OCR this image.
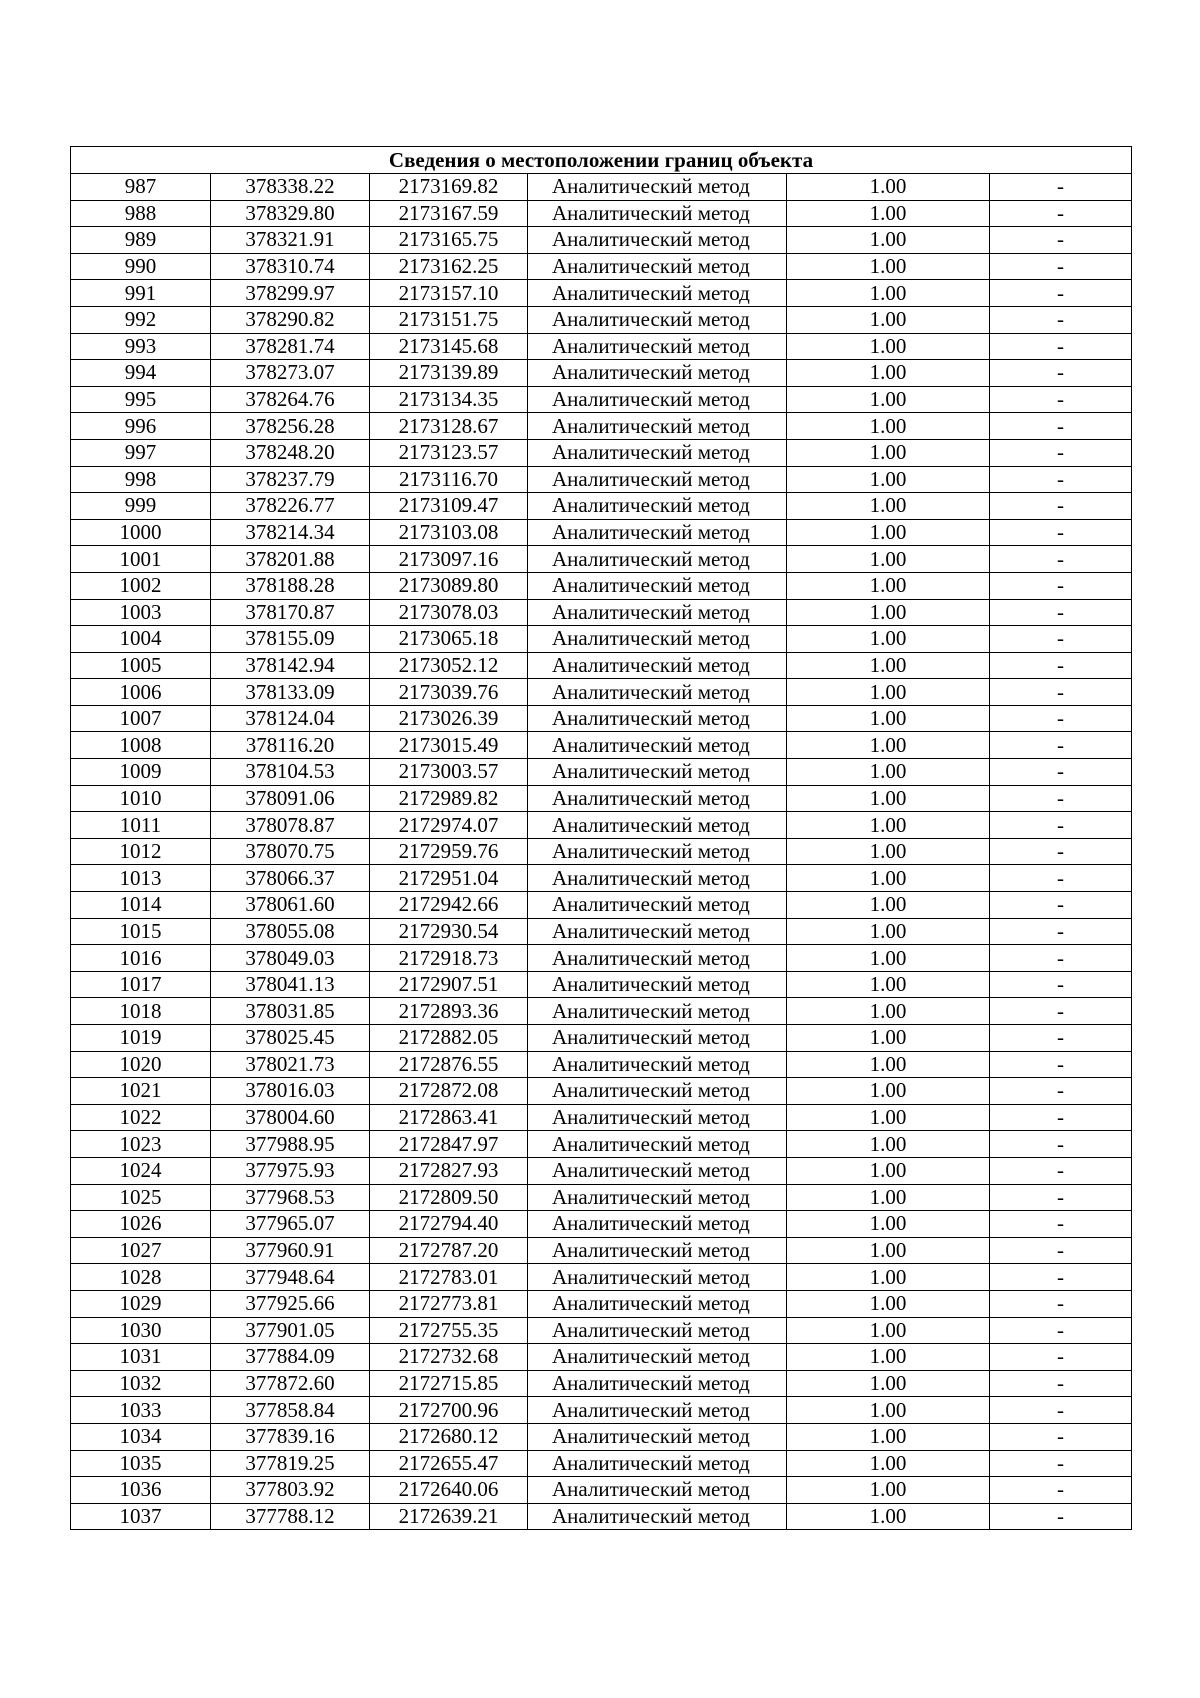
Сведения о местоположении границ объекта					
987	378338.22	2173169.82	Аналитический метод	1.00	-
988	378329.80	2173167.59	Аналитический метод	1.00	-
989	378321.91	2173165.75	Аналитический метод	1.00	-
990	378310.74	2173162.25	Аналитический метод	1.00	-
991	378299.97	2173157.10	Аналитический метод	1.00	-
992	378290.82	2173151.75	Аналитический метод	1.00	-
993	378281.74	2173145.68	Аналитический метод	1.00	-
994	378273.07	2173139.89	Аналитический метод	1.00	-
995	378264.76	2173134.35	Аналитический метод	1.00	-
996	378256.28	2173128.67	Аналитический метод	1.00	-
997	378248.20	2173123.57	Аналитический метод	1.00	-
998	378237.79	2173116.70	Аналитический метод	1.00	-
999	378226.77	2173109.47	Аналитический метод	1.00	-
1000	378214.34	2173103.08	Аналитический метод	1.00	-
1001	378201.88	2173097.16	Аналитический метод	1.00	-
1002	378188.28	2173089.80	Аналитический метод	1.00	-
1003	378170.87	2173078.03	Аналитический метод	1.00	-
1004	378155.09	2173065.18	Аналитический метод	1.00	-
1005	378142.94	2173052.12	Аналитический метод	1.00	-
1006	378133.09	2173039.76	Аналитический метод	1.00	-
1007	378124.04	2173026.39	Аналитический метод	1.00	-
1008	378116.20	2173015.49	Аналитический метод	1.00	-
1009	378104.53	2173003.57	Аналитический метод	1.00	-
1010	378091.06	2172989.82	Аналитический метод	1.00	-
1011	378078.87	2172974.07	Аналитический метод	1.00	-
1012	378070.75	2172959.76	Аналитический метод	1.00	-
1013	378066.37	2172951.04	Аналитический метод	1.00	-
1014	378061.60	2172942.66	Аналитический метод	1.00	-
1015	378055.08	2172930.54	Аналитический метод	1.00	-
1016	378049.03	2172918.73	Аналитический метод	1.00	-
1017	378041.13	2172907.51	Аналитический метод	1.00	-
1018	378031.85	2172893.36	Аналитический метод	1.00	-
1019	378025.45	2172882.05	Аналитический метод	1.00	-
1020	378021.73	2172876.55	Аналитический метод	1.00	-
1021	378016.03	2172872.08	Аналитический метод	1.00	-
1022	378004.60	2172863.41	Аналитический метод	1.00	-
1023	377988.95	2172847.97	Аналитический метод	1.00	-
1024	377975.93	2172827.93	Аналитический метод	1.00	-
1025	377968.53	2172809.50	Аналитический метод	1.00	-
1026	377965.07	2172794.40	Аналитический метод	1.00	-
1027	377960.91	2172787.20	Аналитический метод	1.00	-
1028	377948.64	2172783.01	Аналитический метод	1.00	-
1029	377925.66	2172773.81	Аналитический метод	1.00	-
1030	377901.05	2172755.35	Аналитический метод	1.00	-
1031	377884.09	2172732.68	Аналитический метод	1.00	-
1032	377872.60	2172715.85	Аналитический метод	1.00	-
1033	377858.84	2172700.96	Аналитический метод	1.00	-
1034	377839.16	2172680.12	Аналитический метод	1.00	-
1035	377819.25	2172655.47	Аналитический метод	1.00	-
1036	377803.92	2172640.06	Аналитический метод	1.00	-
1037	377788.12	2172639.21	Аналитический метод	1.00	-
